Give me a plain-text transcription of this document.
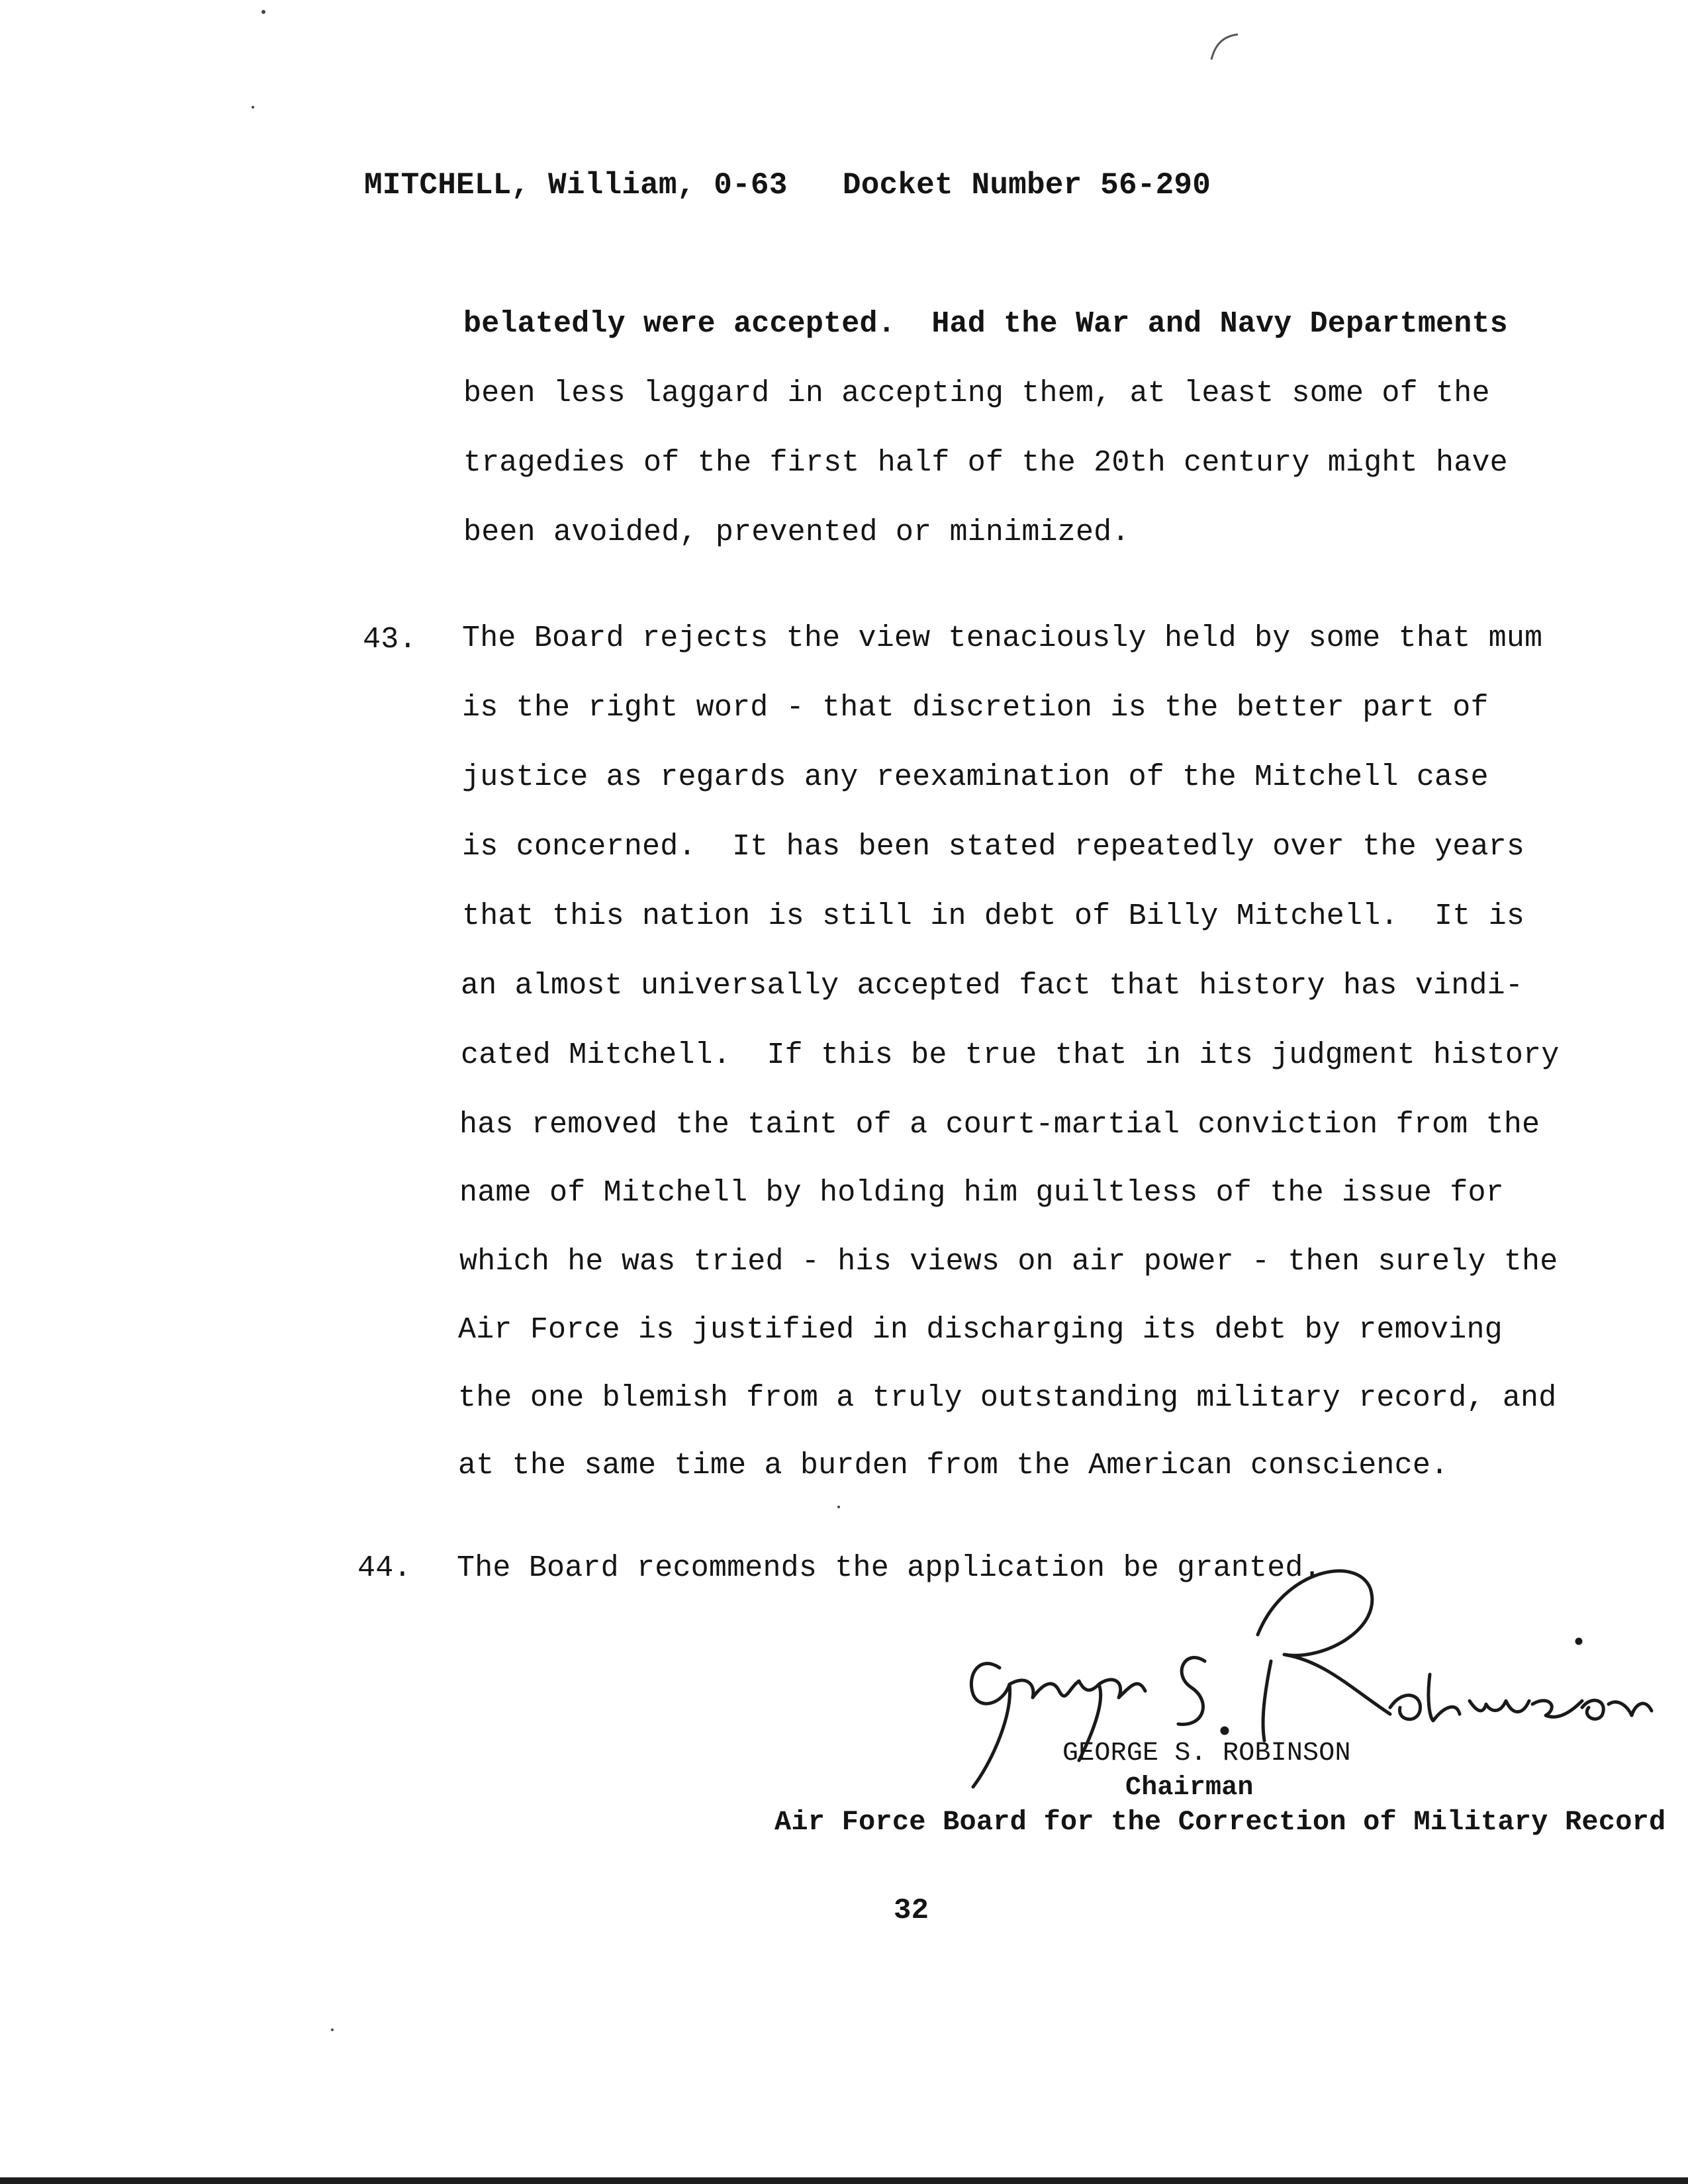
MITCHELL, William, 0-63   Docket Number 56-290
belatedly were accepted.  Had the War and Navy Departments
been less laggard in accepting them, at least some of the
tragedies of the first half of the 20th century might have
been avoided, prevented or minimized.
43. The Board rejects the view tenaciously held by some that mum
is the right word - that discretion is the better part of
justice as regards any reexamination of the Mitchell case
is concerned.  It has been stated repeatedly over the years
that this nation is still in debt of Billy Mitchell.  It is
an almost universally accepted fact that history has vindi-
cated Mitchell.  If this be true that in its judgment history
has removed the taint of a court-martial conviction from the
name of Mitchell by holding him guiltless of the issue for
which he was tried - his views on air power - then surely the
Air Force is justified in discharging its debt by removing
the one blemish from a truly outstanding military record, and
at the same time a burden from the American conscience.
44. The Board recommends the application be granted.
GEORGE S. ROBINSON
Chairman
Air Force Board for the Correction of Military Record
32
